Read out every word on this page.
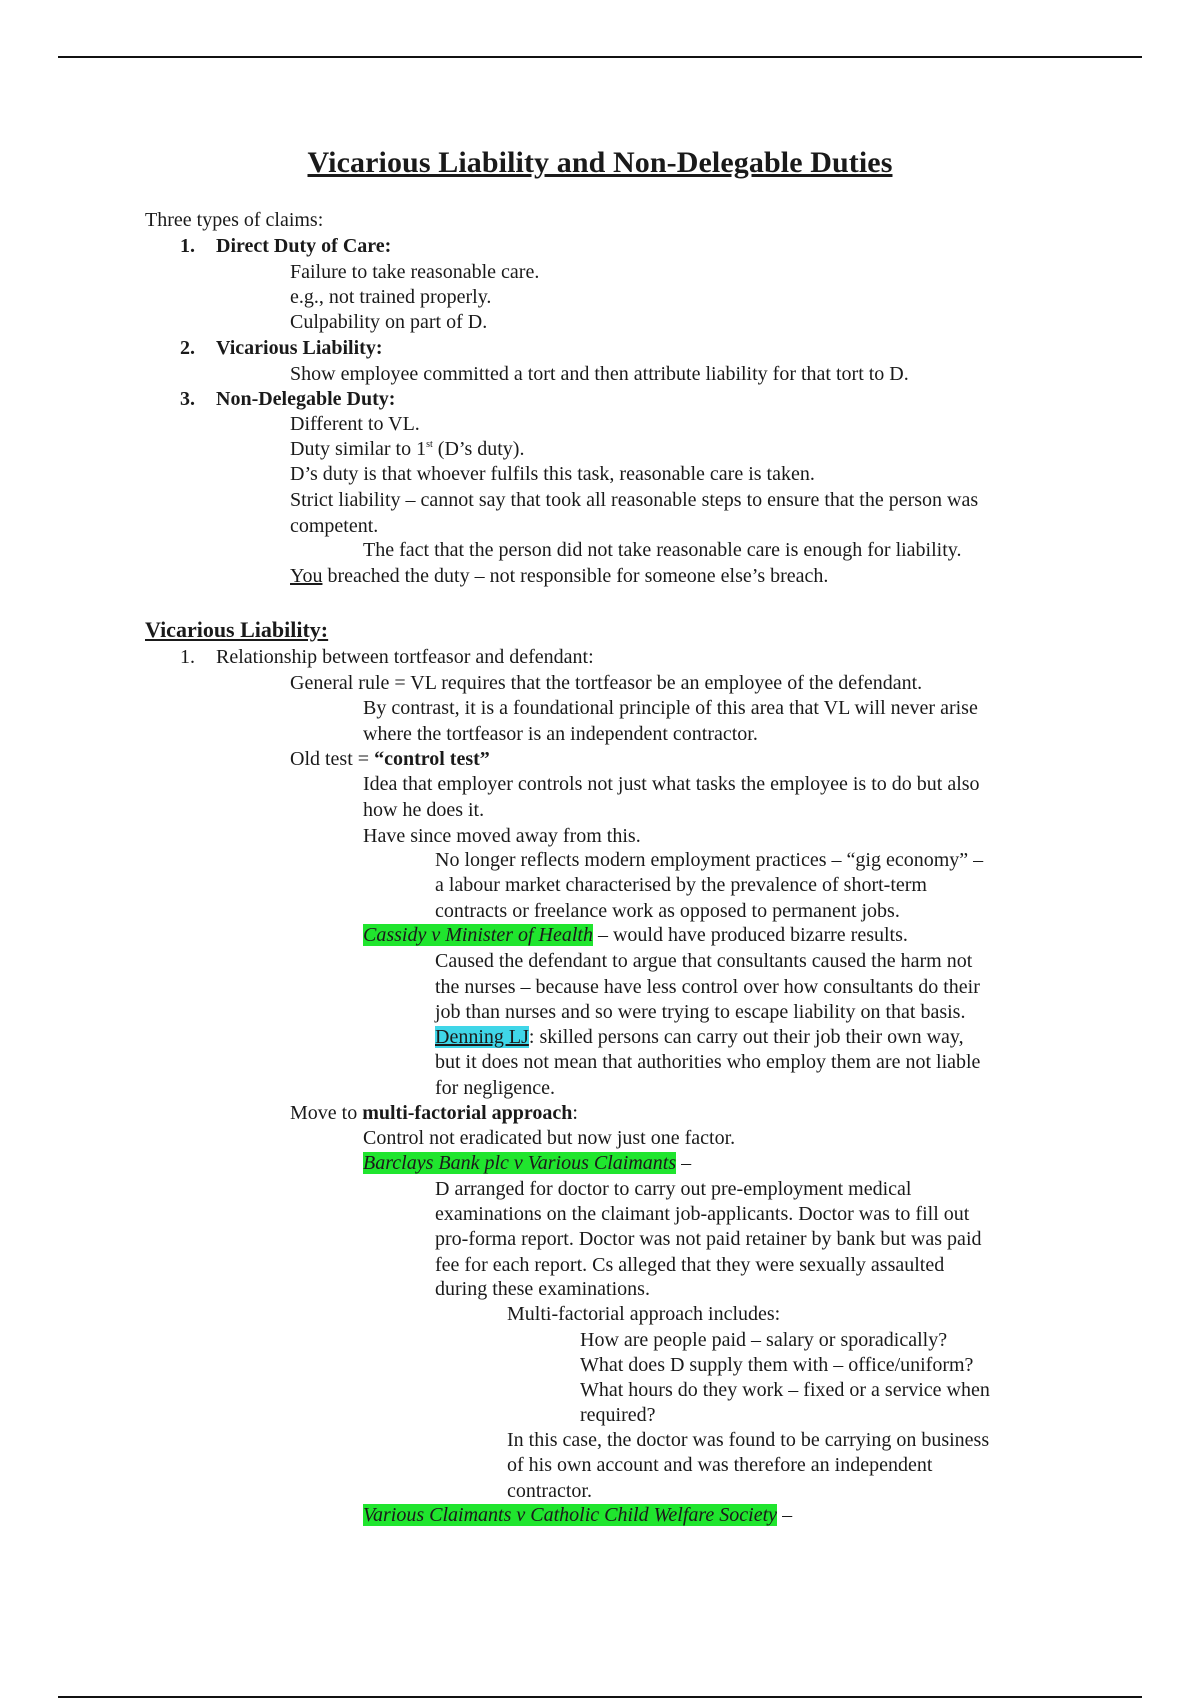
Vicarious Liability and Non-Delegable Duties
Three types of claims:
1. Direct Duty of Care:
Failure to take reasonable care.
e.g., not trained properly.
Culpability on part of D.
2. Vicarious Liability:
Show employee committed a tort and then attribute liability for that tort to D.
3. Non-Delegable Duty:
Different to VL.
Duty similar to 1st (D’s duty).
D’s duty is that whoever fulfils this task, reasonable care is taken.
Strict liability – cannot say that took all reasonable steps to ensure that the person was
competent.
The fact that the person did not take reasonable care is enough for liability.
You breached the duty – not responsible for someone else’s breach.
Vicarious Liability:
1. Relationship between tortfeasor and defendant:
General rule = VL requires that the tortfeasor be an employee of the defendant.
By contrast, it is a foundational principle of this area that VL will never arise
where the tortfeasor is an independent contractor.
Old test = “control test”
Idea that employer controls not just what tasks the employee is to do but also
how he does it.
Have since moved away from this.
No longer reflects modern employment practices – “gig economy” –
a labour market characterised by the prevalence of short-term
contracts or freelance work as opposed to permanent jobs.
Cassidy v Minister of Health – would have produced bizarre results.
Caused the defendant to argue that consultants caused the harm not
the nurses – because have less control over how consultants do their
job than nurses and so were trying to escape liability on that basis.
Denning LJ: skilled persons can carry out their job their own way,
but it does not mean that authorities who employ them are not liable
for negligence.
Move to multi-factorial approach:
Control not eradicated but now just one factor.
Barclays Bank plc v Various Claimants –
D arranged for doctor to carry out pre-employment medical
examinations on the claimant job-applicants. Doctor was to fill out
pro-forma report. Doctor was not paid retainer by bank but was paid
fee for each report. Cs alleged that they were sexually assaulted
during these examinations.
Multi-factorial approach includes:
How are people paid – salary or sporadically?
What does D supply them with – office/uniform?
What hours do they work – fixed or a service when
required?
In this case, the doctor was found to be carrying on business
of his own account and was therefore an independent
contractor.
Various Claimants v Catholic Child Welfare Society –
